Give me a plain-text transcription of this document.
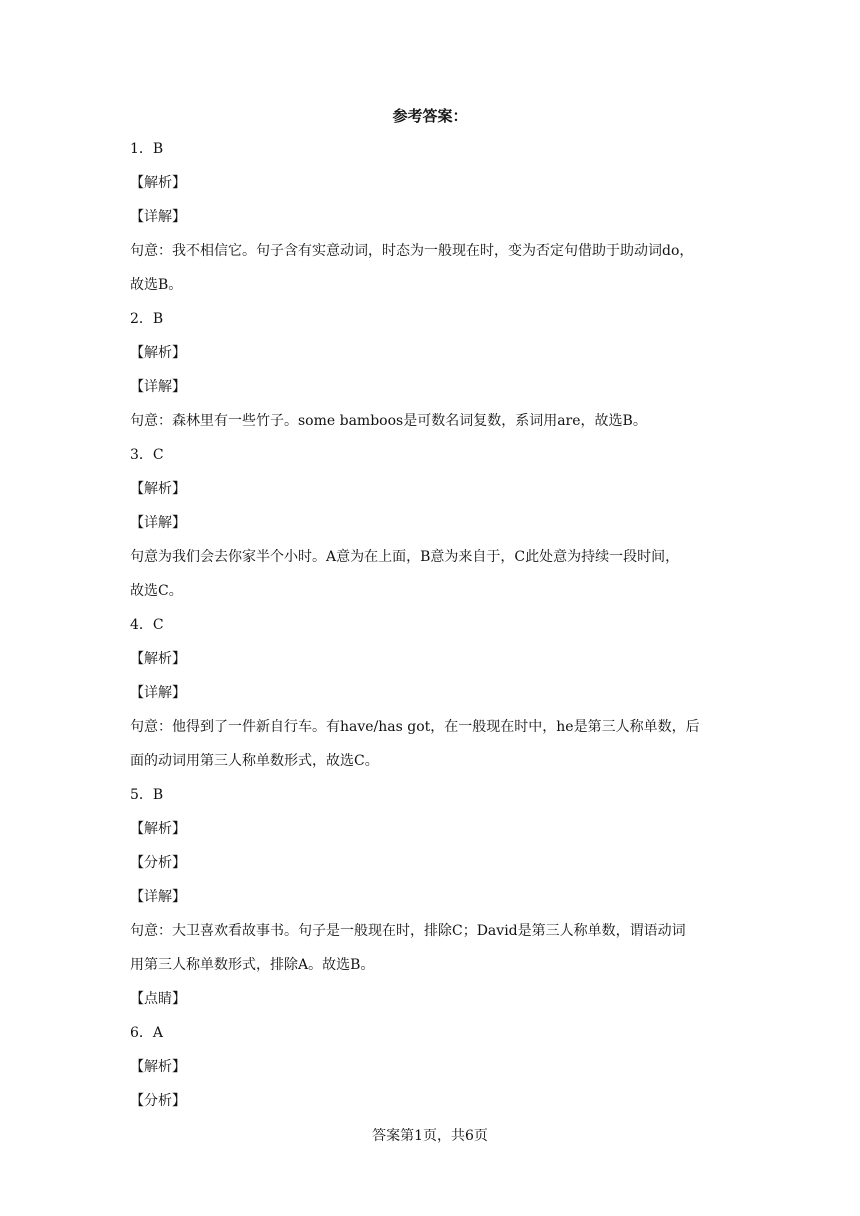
参考答案：
1．B
【解析】
【详解】
句意：我不相信它。句子含有实意动词，时态为一般现在时，变为否定句借助于助动词do，
故选B。
2．B
【解析】
【详解】
句意：森林里有一些竹子。some bamboos是可数名词复数，系词用are，故选B。
3．C
【解析】
【详解】
句意为我们会去你家半个小时。A意为在上面，B意为来自于，C此处意为持续一段时间，
故选C。
4．C
【解析】
【详解】
句意：他得到了一件新自行车。有have/has got，在一般现在时中，he是第三人称单数，后
面的动词用第三人称单数形式，故选C。
5．B
【解析】
【分析】
【详解】
句意：大卫喜欢看故事书。句子是一般现在时，排除C；David是第三人称单数，谓语动词
用第三人称单数形式，排除A。故选B。
【点睛】
6．A
【解析】
【分析】
答案第1页，共6页
